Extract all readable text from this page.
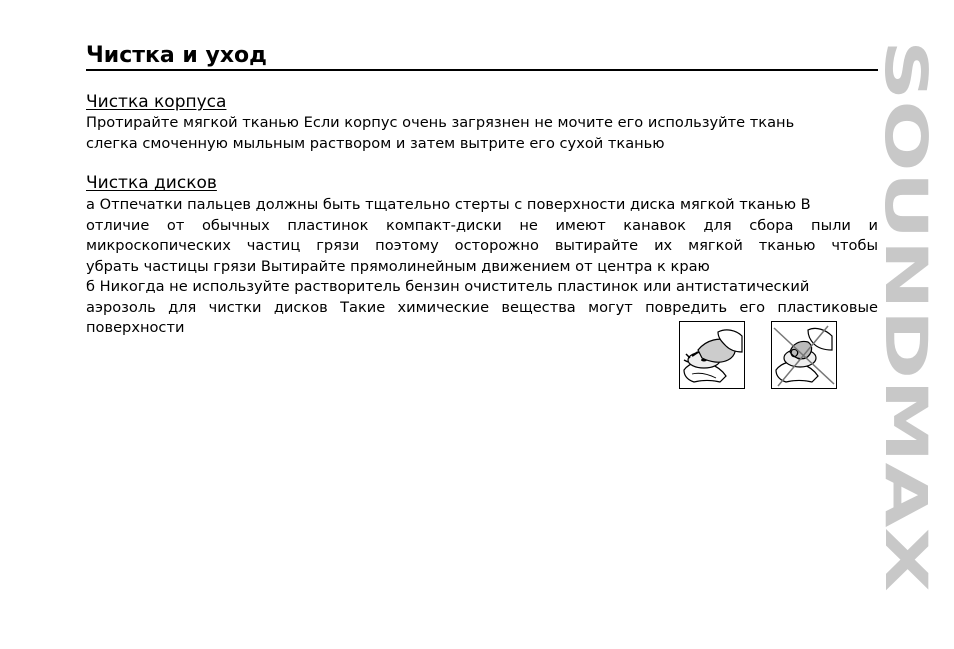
Чистка и уход
Чистка корпуса
Протирайте мягкой тканью Если корпус очень загрязнен не мочите его используйте ткань
слегка смоченную мыльным раствором и затем вытрите его сухой тканью
Чистка дисков
а Отпечатки пальцев должны быть тщательно стерты с поверхности диска мягкой тканью В
отличие от обычных пластинок компакт-диски не имеют канавок для сбора пыли и
микроскопических частиц грязи поэтому осторожно вытирайте их мягкой тканью чтобы
убрать частицы грязи Вытирайте прямолинейным движением от центра к краю
б Никогда не используйте растворитель бензин очиститель пластинок или антистатический
аэрозоль для чистки дисков Такие химические вещества могут повредить его пластиковые
поверхности	SOUNDMAX
